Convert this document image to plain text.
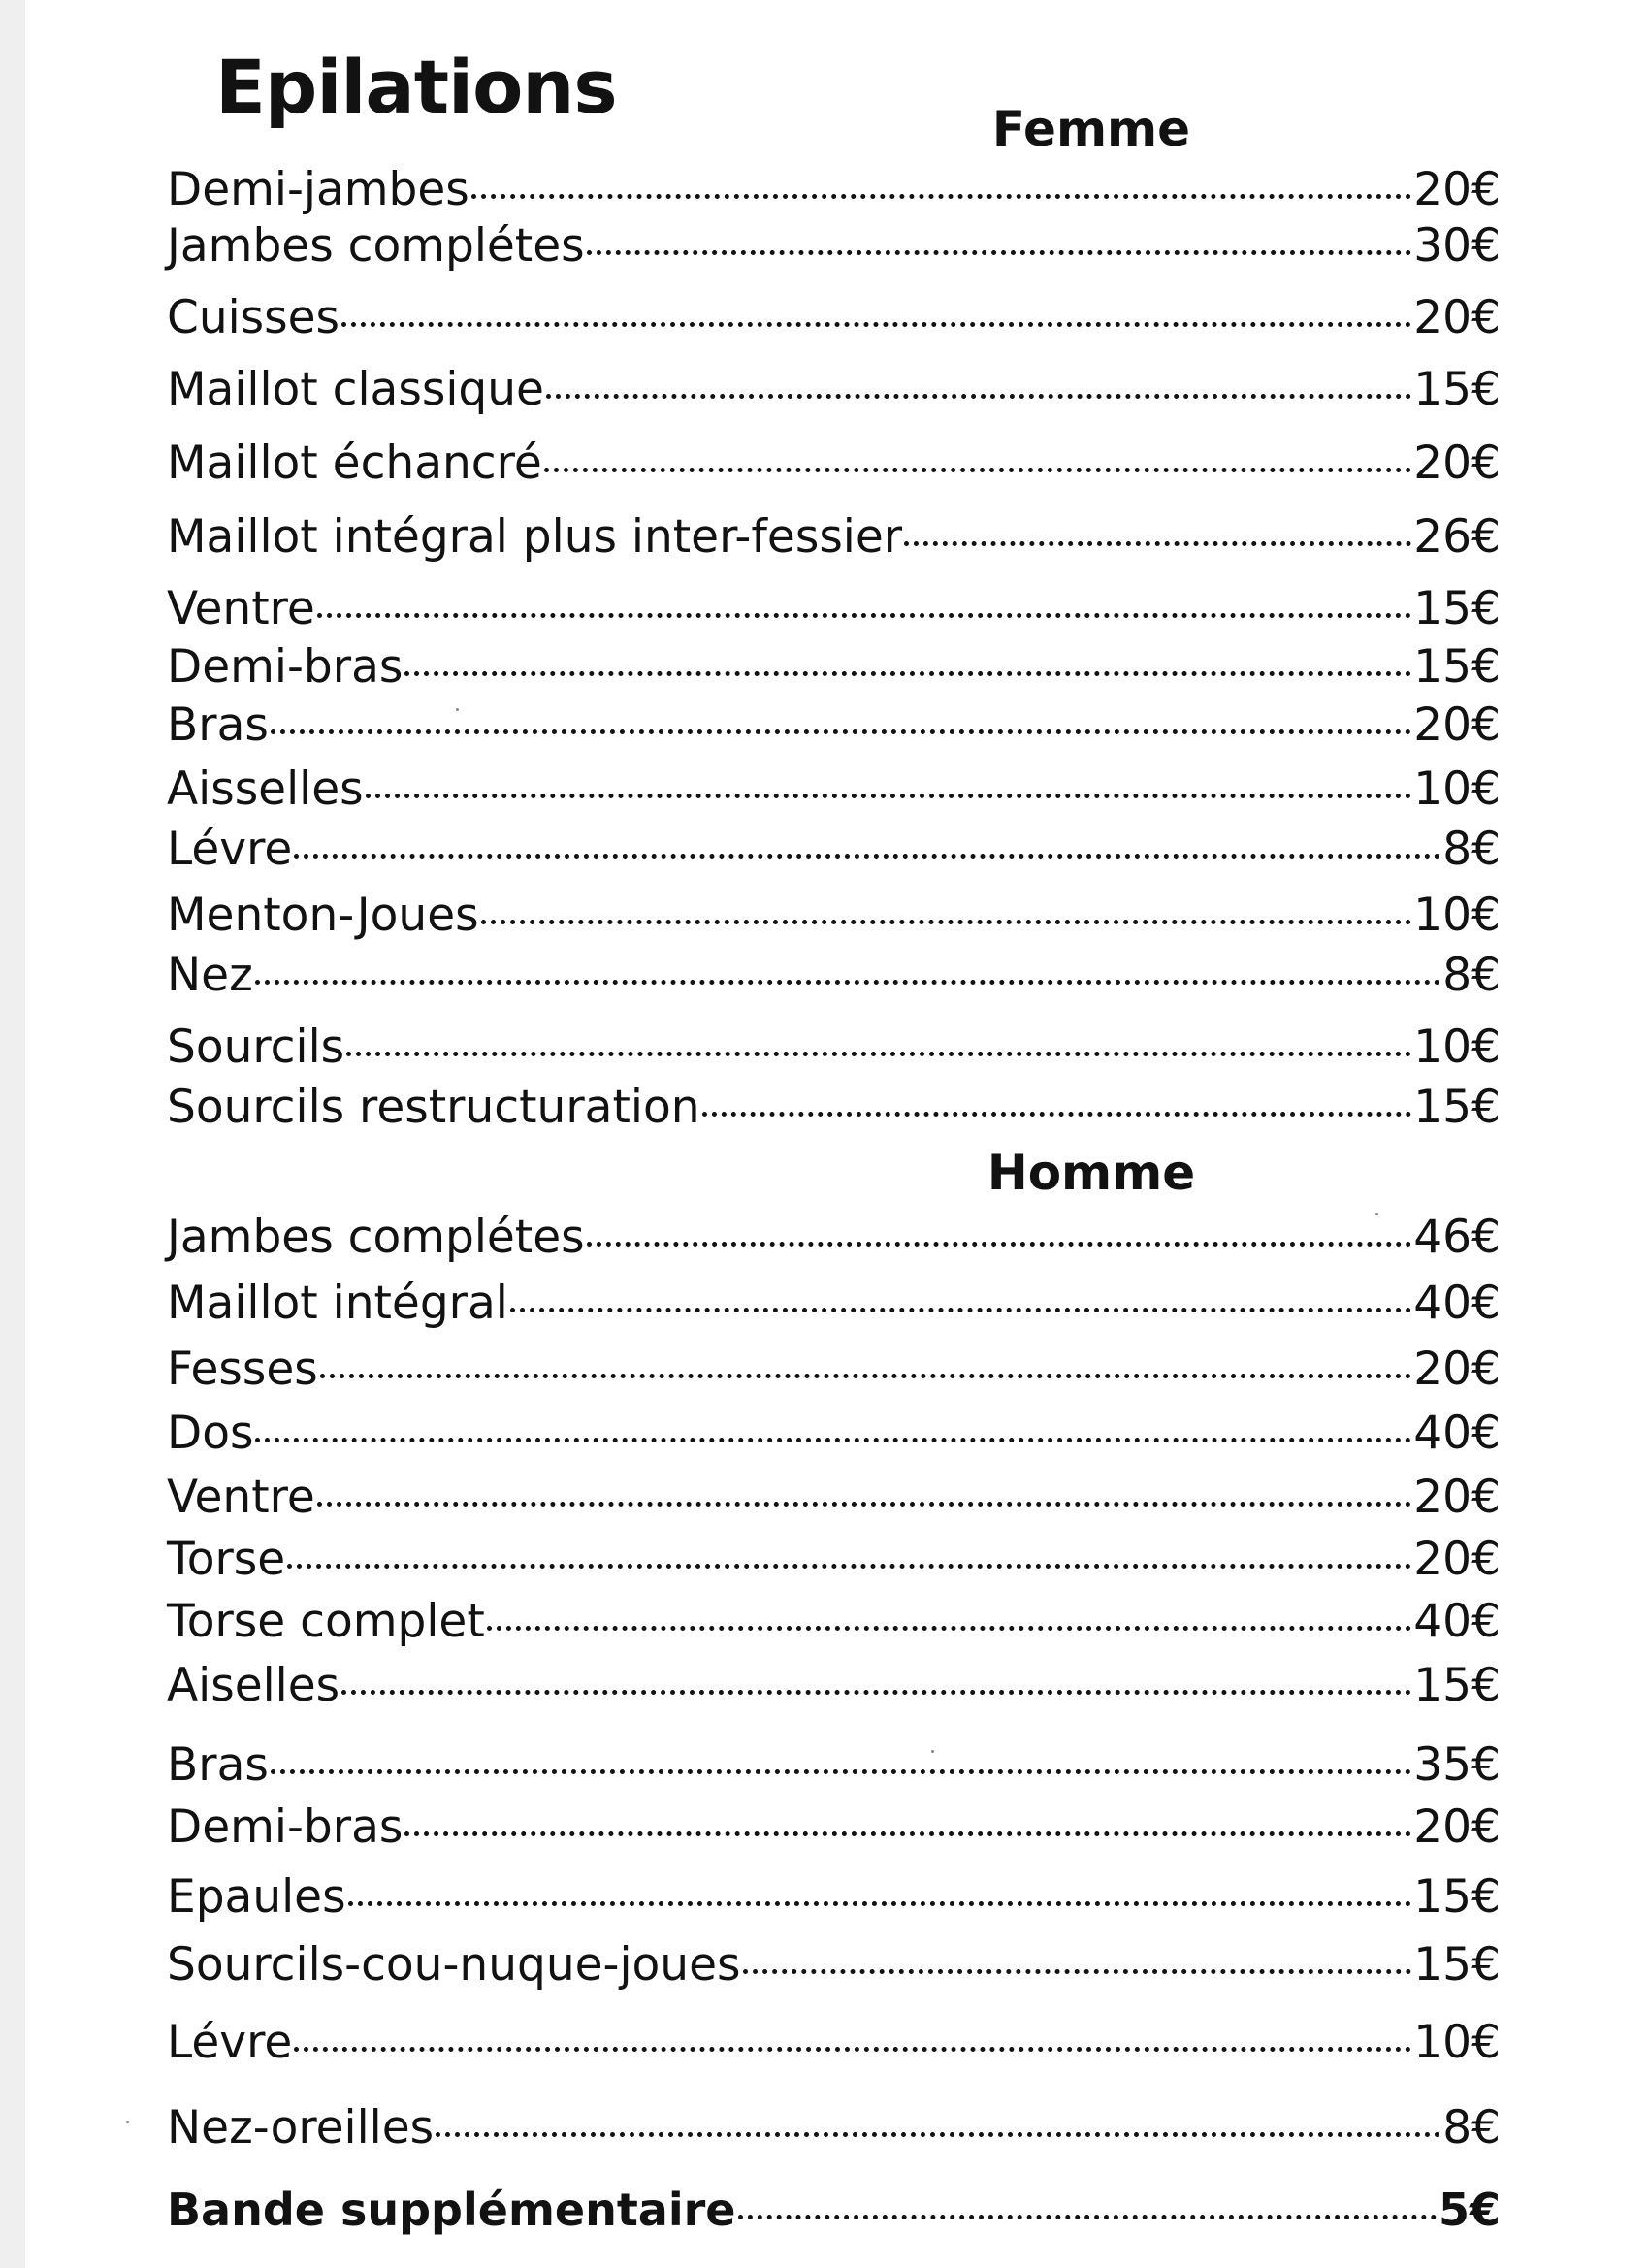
Epilations	Femme
Demi-jambes	20€
Jambes complétes	30€
Cuisses	20€
Maillot classique	15€
Maillot échancré	20€
Maillot intégral plus inter-fessier	26€
Ventre	15€
Demi-bras	15€
Bras	20€
Aisselles	10€
Lévre	8€
Menton-Joues	10€
Nez	8€
Sourcils	10€
Sourcils restructuration	15€
Homme
Jambes complétes	46€
Maillot intégral	40€
Fesses	20€
Dos	40€
Ventre	20€
Torse	20€
Torse complet	40€
Aiselles	15€
Bras	35€
Demi-bras	20€
Epaules	15€
Sourcils-cou-nuque-joues	15€
Lévre	10€
Nez-oreilles	8€
Bande supplémentaire	5€
